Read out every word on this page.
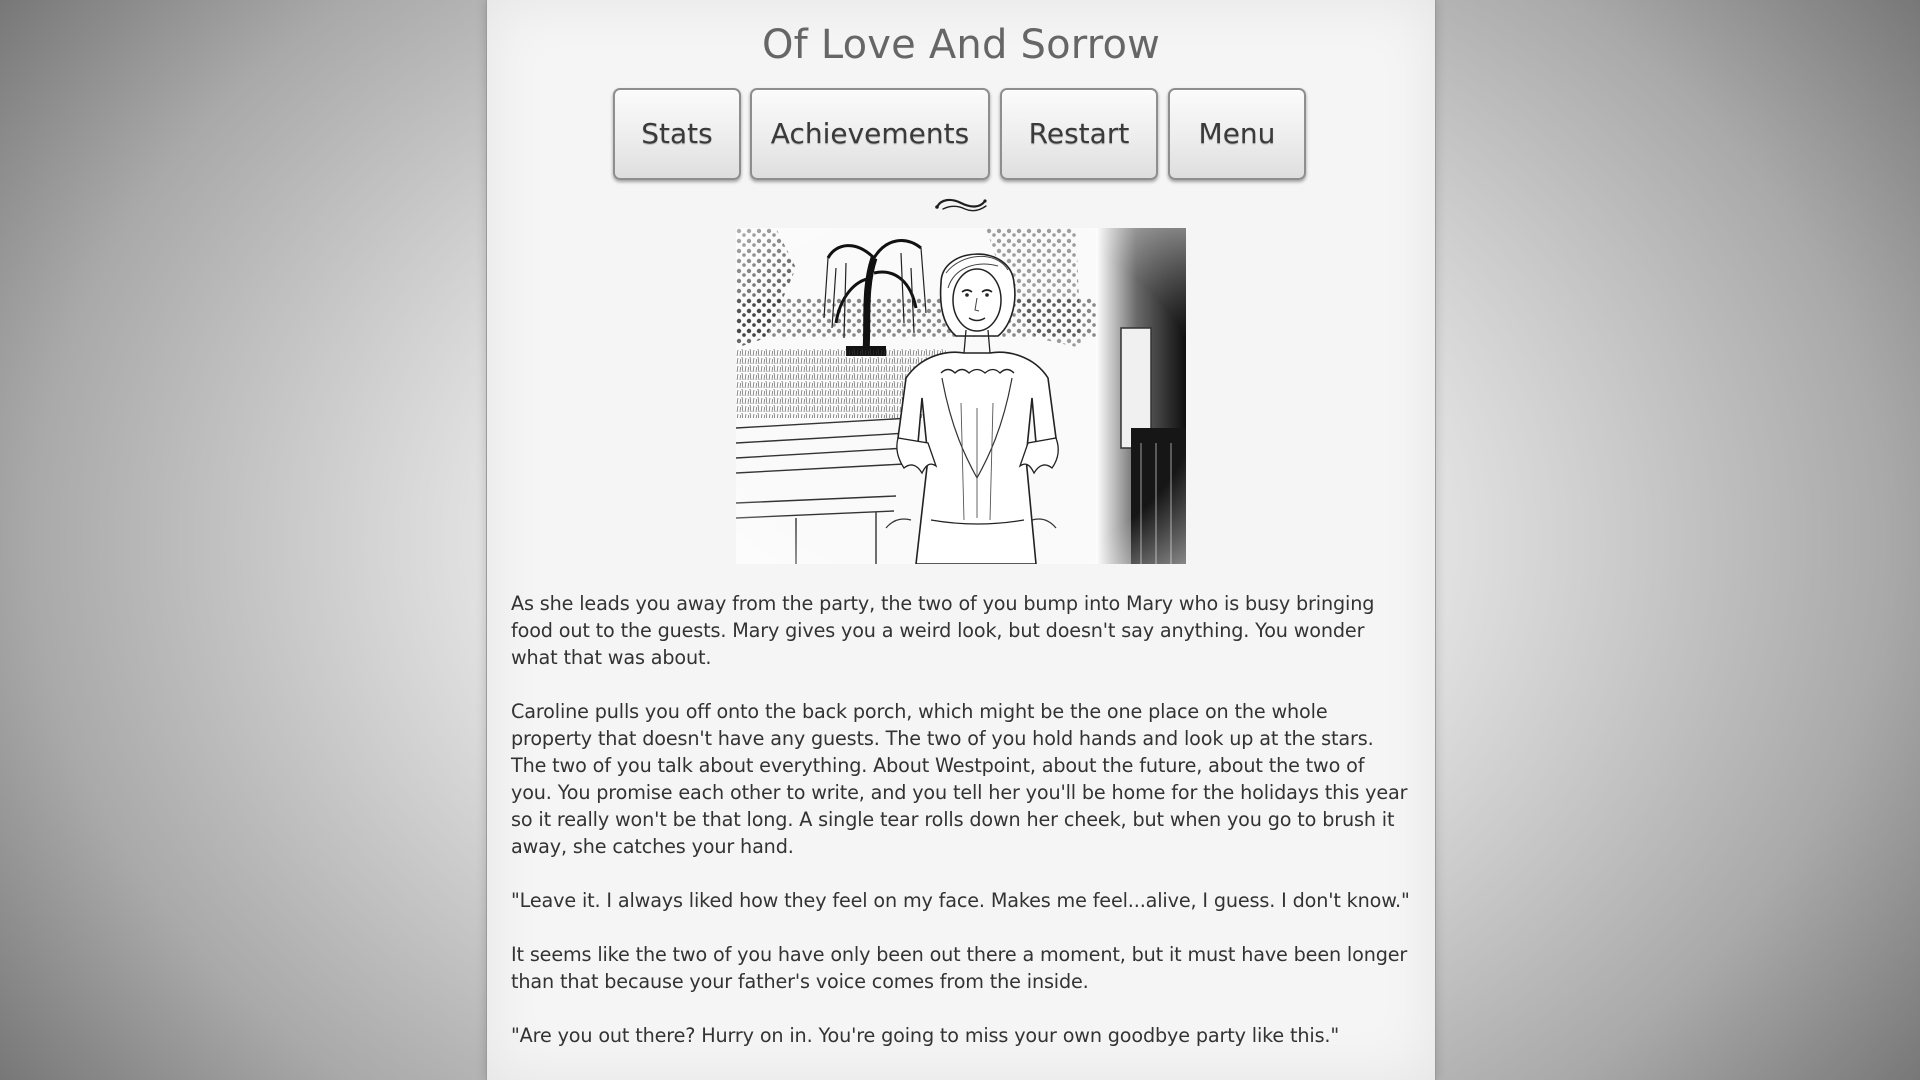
Of Love And Sorrow
Stats	Achievements	Restart	Menu

As she leads you away from the party, the two of you bump into Mary who is busy bringing food out to the guests. Mary gives you a weird look, but doesn't say anything. You wonder what that was about.

Caroline pulls you off onto the back porch, which might be the one place on the whole property that doesn't have any guests. The two of you hold hands and look up at the stars. The two of you talk about everything. About Westpoint, about the future, about the two of you. You promise each other to write, and you tell her you'll be home for the holidays this year so it really won't be that long. A single tear rolls down her cheek, but when you go to brush it away, she catches your hand.

"Leave it. I always liked how they feel on my face. Makes me feel...alive, I guess. I don't know."

It seems like the two of you have only been out there a moment, but it must have been longer than that because your father's voice comes from the inside.

"Are you out there? Hurry on in. You're going to miss your own goodbye party like this."
